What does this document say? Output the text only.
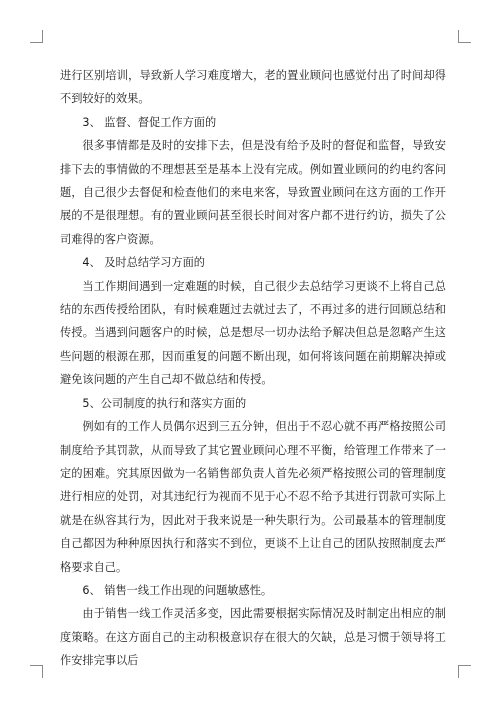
进行区别培训，导致新人学习难度增大，老的置业顾问也感觉付出了时间却得不到较好的效果。

3、 监督、督促工作方面的

很多事情都是及时的安排下去，但是没有给予及时的督促和监督，导致安排下去的事情做的不理想甚至是基本上没有完成。例如置业顾问的约电约客问题，自己很少去督促和检查他们的来电来客，导致置业顾问在这方面的工作开展的不是很理想。有的置业顾问甚至很长时间对客户都不进行约访，损失了公司难得的客户资源。

4、 及时总结学习方面的

当工作期间遇到一定难题的时候，自己很少去总结学习更谈不上将自己总结的东西传授给团队，有时候难题过去就过去了，不再过多的进行回顾总结和传授。当遇到问题客户的时候，总是想尽一切办法给予解决但总是忽略产生这些问题的根源在那，因而重复的问题不断出现，如何将该问题在前期解决掉或避免该问题的产生自己却不做总结和传授。

5、公司制度的执行和落实方面的

例如有的工作人员偶尔迟到三五分钟，但出于不忍心就不再严格按照公司制度给予其罚款，从而导致了其它置业顾问心理不平衡，给管理工作带来了一定的困难。究其原因做为一名销售部负责人首先必须严格按照公司的管理制度进行相应的处罚，对其违纪行为视而不见于心不忍不给予其进行罚款可实际上就是在纵容其行为，因此对于我来说是一种失职行为。公司最基本的管理制度自己都因为种种原因执行和落实不到位，更谈不上让自己的团队按照制度去严格要求自己。

6、 销售一线工作出现的问题敏感性。

由于销售一线工作灵活多变，因此需要根据实际情况及时制定出相应的制度策略。在这方面自己的主动积极意识存在很大的欠缺，总是习惯于领导将工作安排完事以后
